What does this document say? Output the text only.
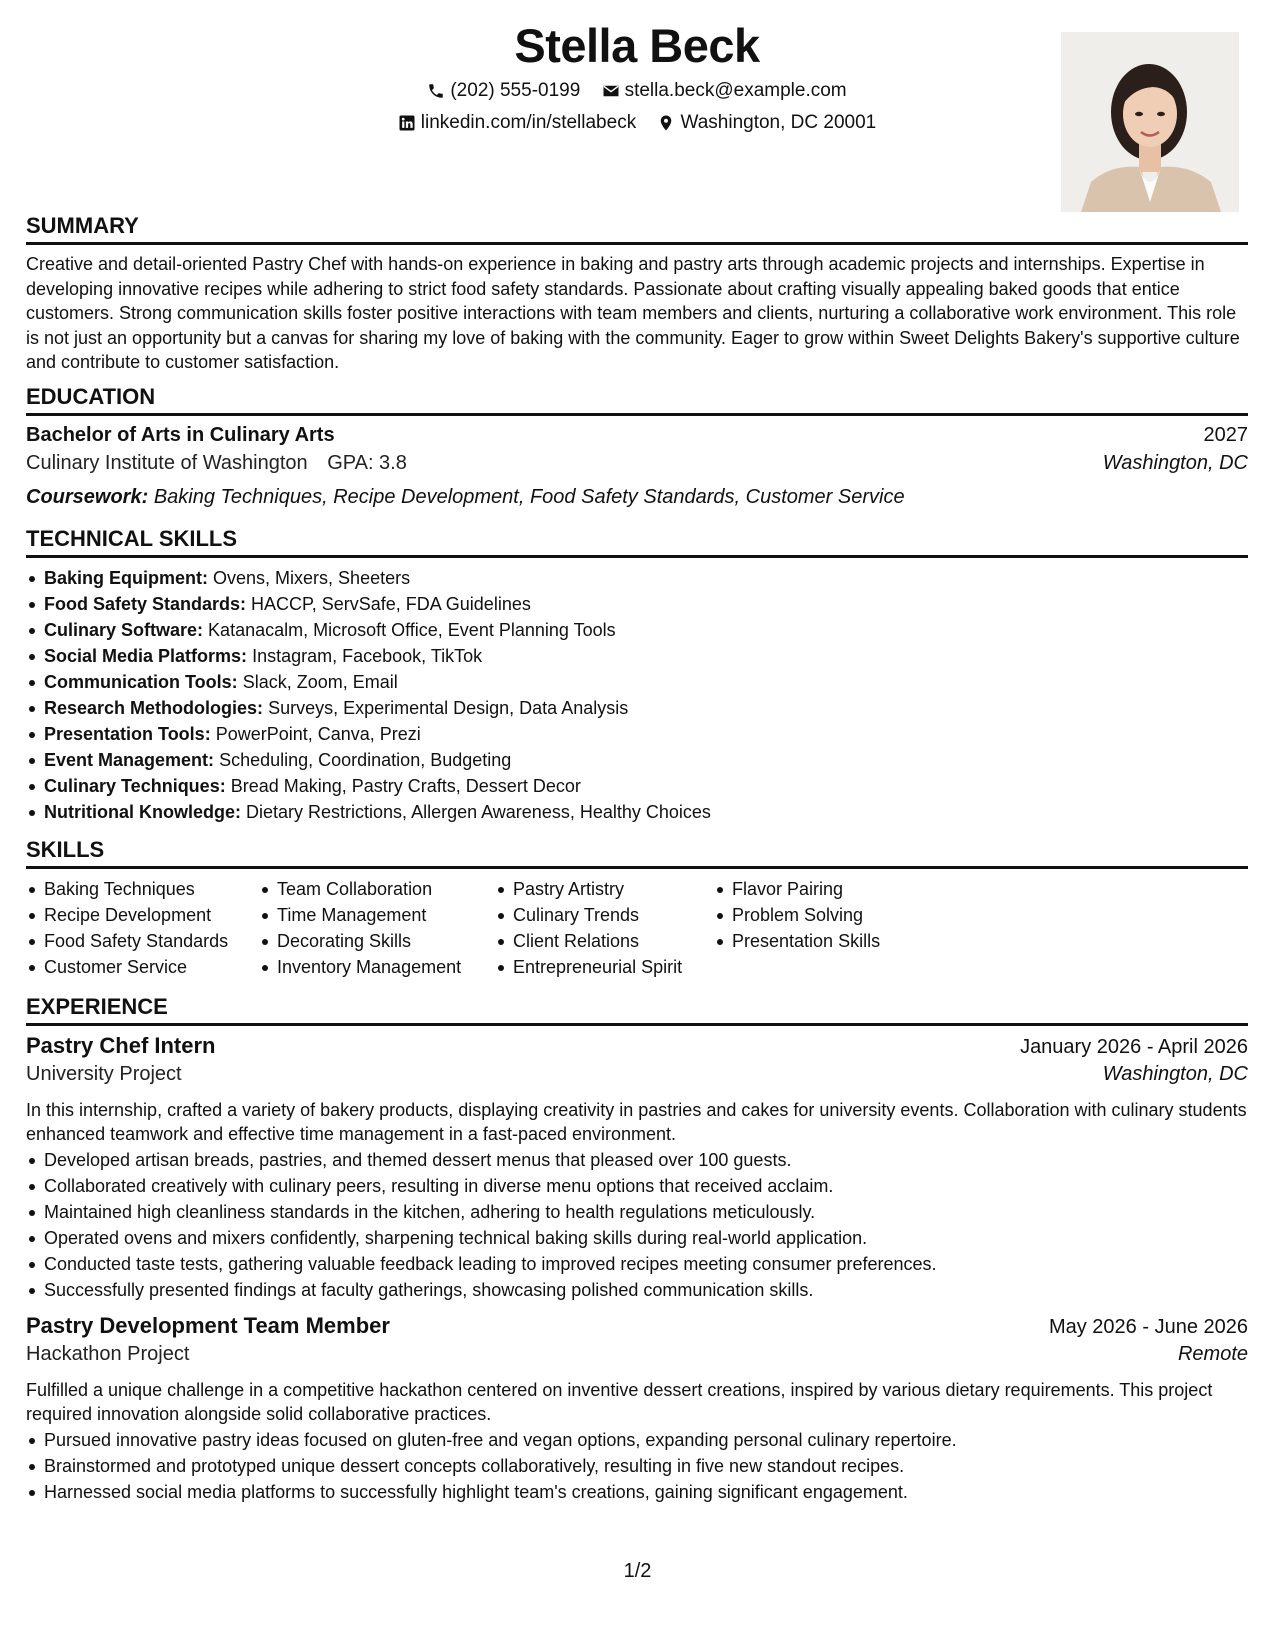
Stella Beck
(202) 555-0199
stella.beck@example.com
linkedin.com/in/stellabeck
Washington, DC 20001
SUMMARY
Creative and detail-oriented Pastry Chef with hands-on experience in baking and pastry arts through academic projects and internships. Expertise in developing innovative recipes while adhering to strict food safety standards. Passionate about crafting visually appealing baked goods that entice customers. Strong communication skills foster positive interactions with team members and clients, nurturing a collaborative work environment. This role is not just an opportunity but a canvas for sharing my love of baking with the community. Eager to grow within Sweet Delights Bakery's supportive culture and contribute to customer satisfaction.
EDUCATION
Bachelor of Arts in Culinary Arts	2027
Culinary Institute of Washington GPA: 3.8	Washington, DC
Coursework: Baking Techniques, Recipe Development, Food Safety Standards, Customer Service
TECHNICAL SKILLS
Baking Equipment: Ovens, Mixers, Sheeters
Food Safety Standards: HACCP, ServSafe, FDA Guidelines
Culinary Software: Katanacalm, Microsoft Office, Event Planning Tools
Social Media Platforms: Instagram, Facebook, TikTok
Communication Tools: Slack, Zoom, Email
Research Methodologies: Surveys, Experimental Design, Data Analysis
Presentation Tools: PowerPoint, Canva, Prezi
Event Management: Scheduling, Coordination, Budgeting
Culinary Techniques: Bread Making, Pastry Crafts, Dessert Decor
Nutritional Knowledge: Dietary Restrictions, Allergen Awareness, Healthy Choices
SKILLS
Baking Techniques
Recipe Development
Food Safety Standards
Customer Service
Team Collaboration
Time Management
Decorating Skills
Inventory Management
Pastry Artistry
Culinary Trends
Client Relations
Entrepreneurial Spirit
Flavor Pairing
Problem Solving
Presentation Skills
EXPERIENCE
Pastry Chef Intern	January 2026 - April 2026
University Project	Washington, DC
In this internship, crafted a variety of bakery products, displaying creativity in pastries and cakes for university events. Collaboration with culinary students enhanced teamwork and effective time management in a fast-paced environment.
Developed artisan breads, pastries, and themed dessert menus that pleased over 100 guests.
Collaborated creatively with culinary peers, resulting in diverse menu options that received acclaim.
Maintained high cleanliness standards in the kitchen, adhering to health regulations meticulously.
Operated ovens and mixers confidently, sharpening technical baking skills during real-world application.
Conducted taste tests, gathering valuable feedback leading to improved recipes meeting consumer preferences.
Successfully presented findings at faculty gatherings, showcasing polished communication skills.
Pastry Development Team Member	May 2026 - June 2026
Hackathon Project	Remote
Fulfilled a unique challenge in a competitive hackathon centered on inventive dessert creations, inspired by various dietary requirements. This project required innovation alongside solid collaborative practices.
Pursued innovative pastry ideas focused on gluten-free and vegan options, expanding personal culinary repertoire.
Brainstormed and prototyped unique dessert concepts collaboratively, resulting in five new standout recipes.
Harnessed social media platforms to successfully highlight team's creations, gaining significant engagement.
1/2
